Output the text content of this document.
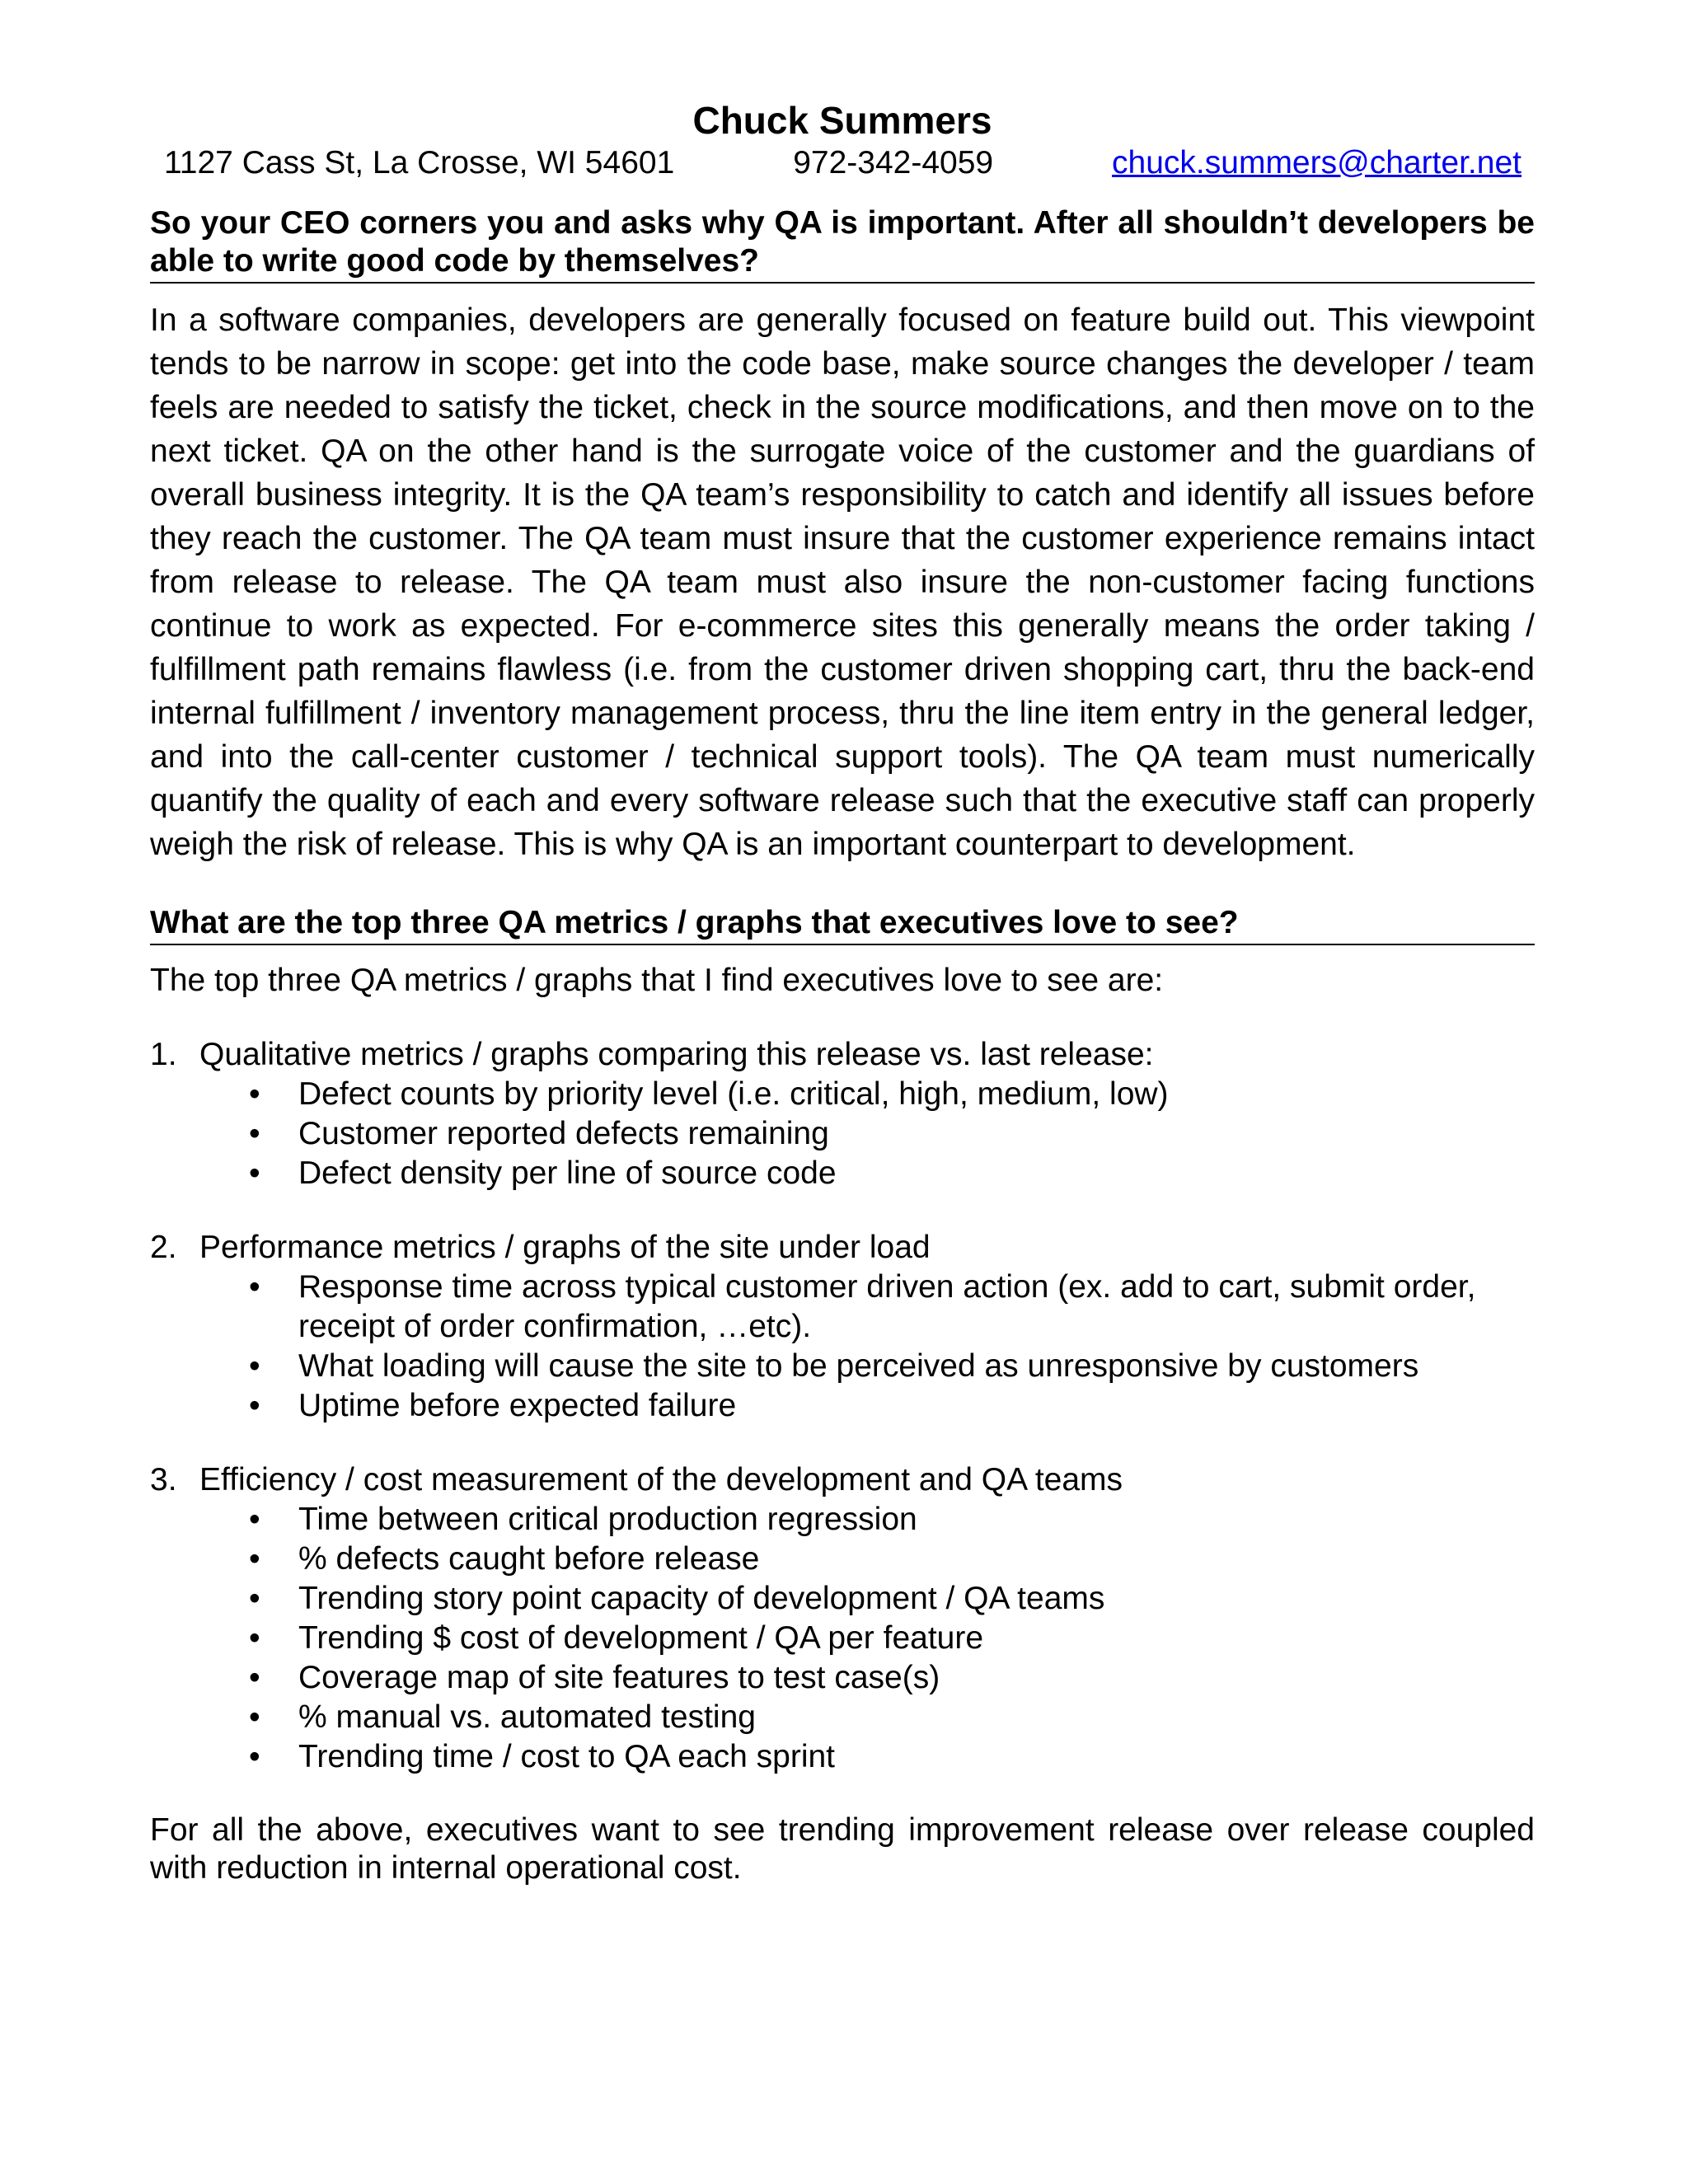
Chuck Summers
1127 Cass St, La Crosse, WI 54601	972-342-4059	chuck.summers@charter.net
So your CEO corners you and asks why QA is important. After all shouldn’t developers be able to write good code by themselves?

In a software companies, developers are generally focused on feature build out. This viewpoint tends to be narrow in scope: get into the code base, make source changes the developer / team feels are needed to satisfy the ticket, check in the source modifications, and then move on to the next ticket. QA on the other hand is the surrogate voice of the customer and the guardians of overall business integrity. It is the QA team’s responsibility to catch and identify all issues before they reach the customer. The QA team must insure that the customer experience remains intact from release to release. The QA team must also insure the non-customer facing functions continue to work as expected. For e-commerce sites this generally means the order taking / fulfillment path remains flawless (i.e. from the customer driven shopping cart, thru the back-end internal fulfillment / inventory management process, thru the line item entry in the general ledger, and into the call-center customer / technical support tools). The QA team must numerically quantify the quality of each and every software release such that the executive staff can properly weigh the risk of release. This is why QA is an important counterpart to development.

What are the top three QA metrics / graphs that executives love to see?

The top three QA metrics / graphs that I find executives love to see are:

1. Qualitative metrics / graphs comparing this release vs. last release:
• Defect counts by priority level (i.e. critical, high, medium, low)
• Customer reported defects remaining
• Defect density per line of source code
2. Performance metrics / graphs of the site under load
• Response time across typical customer driven action (ex. add to cart, submit order, receipt of order confirmation, …etc).
• What loading will cause the site to be perceived as unresponsive by customers
• Uptime before expected failure
3. Efficiency / cost measurement of the development and QA teams
• Time between critical production regression
• % defects caught before release
• Trending story point capacity of development / QA teams
• Trending $ cost of development / QA per feature
• Coverage map of site features to test case(s)
• % manual vs. automated testing
• Trending time / cost to QA each sprint

For all the above, executives want to see trending improvement release over release coupled with reduction in internal operational cost.
